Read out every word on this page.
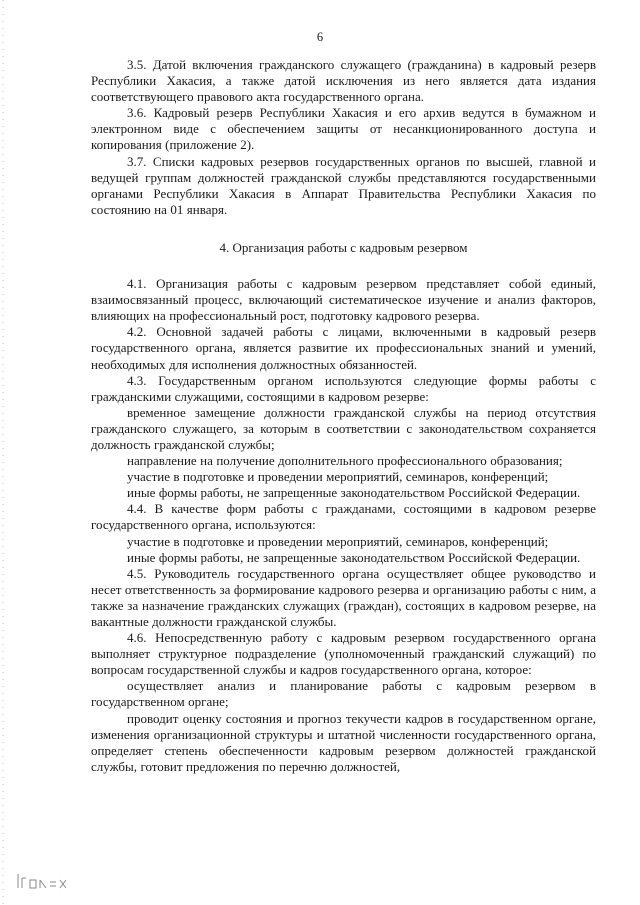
6

3.5. Датой включения гражданского служащего (гражданина) в кадровый резерв Республики Хакасия, а также датой исключения из него является дата издания соответствующего правового акта государственного органа.

3.6. Кадровый резерв Республики Хакасия и его архив ведутся в бумажном и электронном виде с обеспечением защиты от несанкционированного доступа и копирования (приложение 2).

3.7. Списки кадровых резервов государственных органов по высшей, главной и ведущей группам должностей гражданской службы представляются государственными органами Республики Хакасия в Аппарат Правительства Республики Хакасия по состоянию на 01 января.

4. Организация работы с кадровым резервом

4.1. Организация работы с кадровым резервом представляет собой единый, взаимосвязанный процесс, включающий систематическое изучение и анализ факторов, влияющих на профессиональный рост, подготовку кадрового резерва.

4.2. Основной задачей работы с лицами, включенными в кадровый резерв государственного органа, является развитие их профессиональных знаний и умений, необходимых для исполнения должностных обязанностей.

4.3. Государственным органом используются следующие формы работы с гражданскими служащими, состоящими в кадровом резерве:

временное замещение должности гражданской службы на период отсутствия гражданского служащего, за которым в соответствии с законодательством сохраняется должность гражданской службы;

направление на получение дополнительного профессионального образования;

участие в подготовке и проведении мероприятий, семинаров, конференций;

иные формы работы, не запрещенные законодательством Российской Федерации.

4.4. В качестве форм работы с гражданами, состоящими в кадровом резерве государственного органа, используются:

участие в подготовке и проведении мероприятий, семинаров, конференций;

иные формы работы, не запрещенные законодательством Российской Федерации.

4.5. Руководитель государственного органа осуществляет общее руководство и несет ответственность за формирование кадрового резерва и организацию работы с ним, а также за назначение гражданских служащих (граждан), состоящих в кадровом резерве, на вакантные должности гражданской службы.

4.6. Непосредственную работу с кадровым резервом государственного органа выполняет структурное подразделение (уполномоченный гражданский служащий) по вопросам государственной службы и кадров государственного органа, которое:

осуществляет анализ и планирование работы с кадровым резервом в государственном органе;

проводит оценку состояния и прогноз текучести кадров в государственном органе, изменения организационной структуры и штатной численности государственного органа, определяет степень обеспеченности кадровым резервом должностей гражданской службы, готовит предложения по перечню должностей,
